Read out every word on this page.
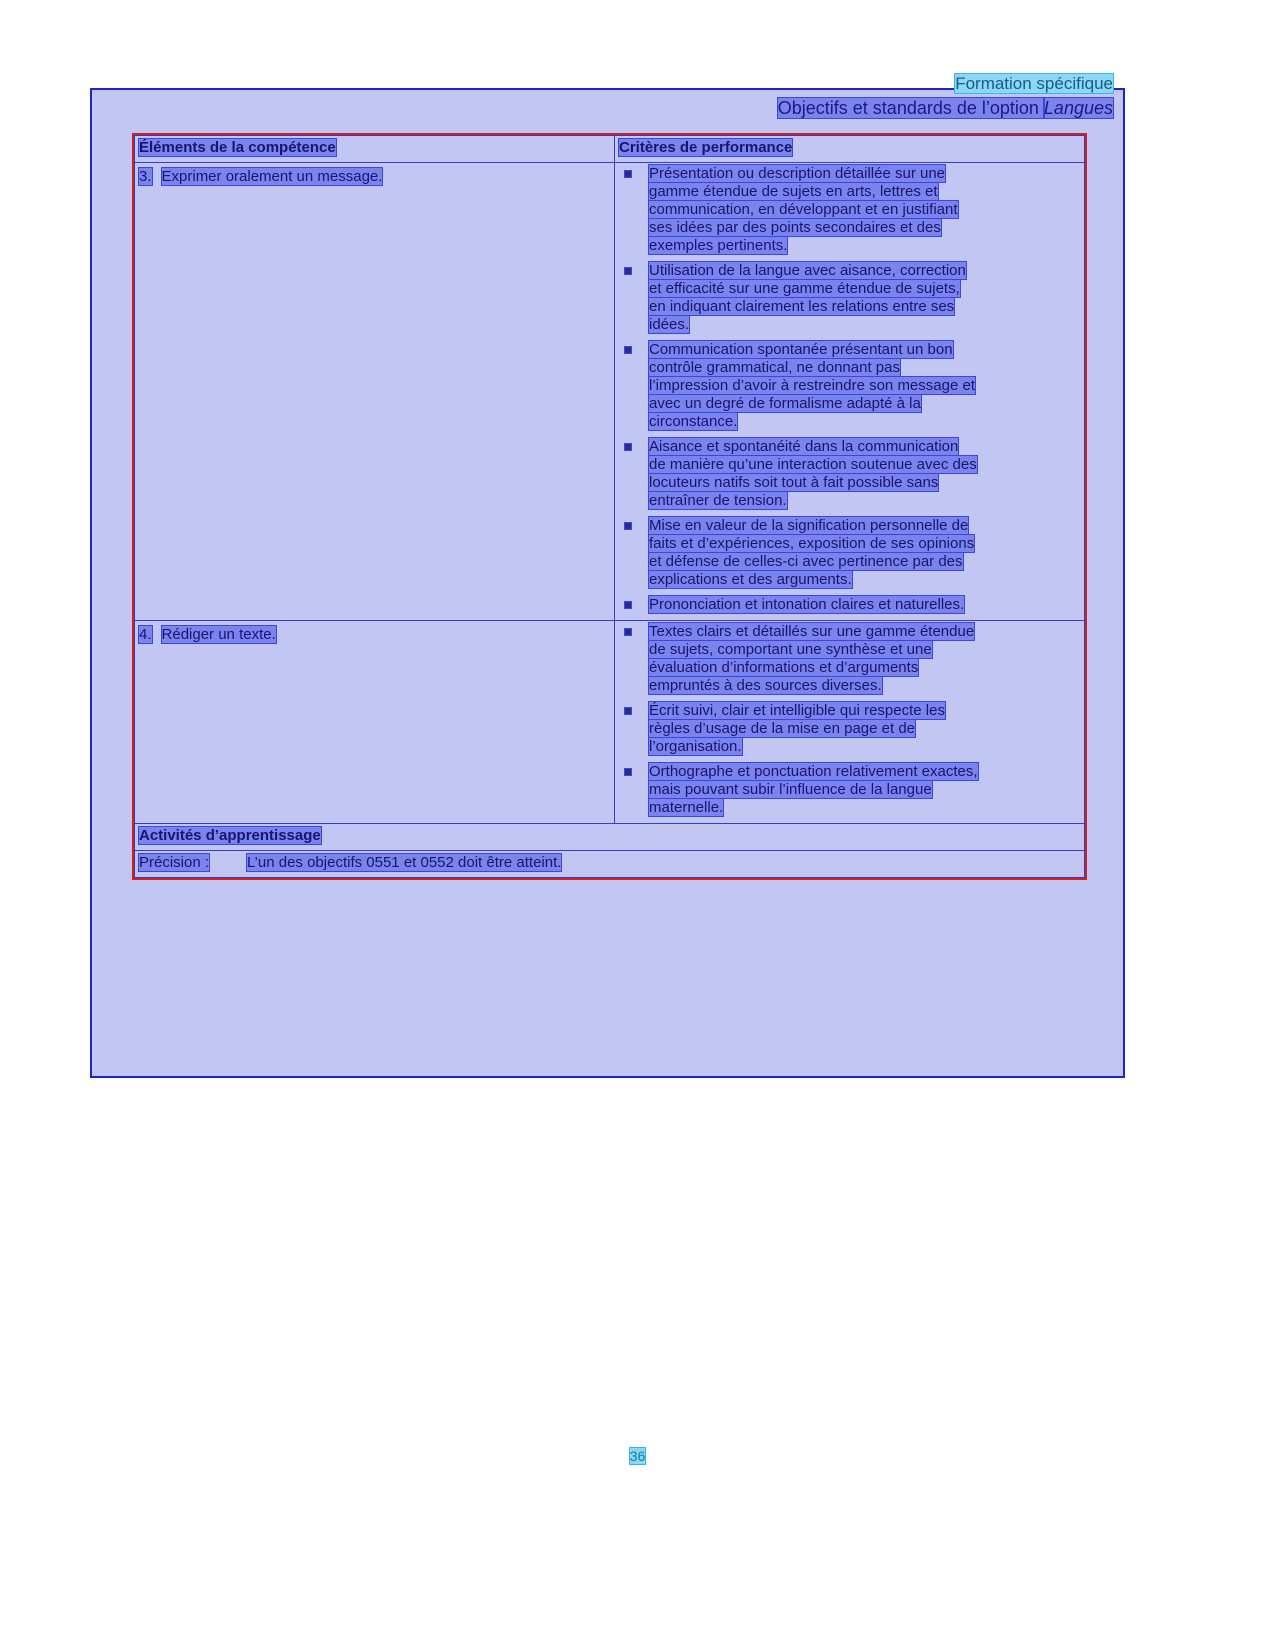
Formation spécifique
Objectifs et standards de l’option Langues
Éléments de la compétence	Critères de performance

3. Exprimer oralement un message.	Présentation ou description détaillée sur une
gamme étendue de sujets en arts, lettres et
communication, en développant et en justifiant
ses idées par des points secondaires et des
exemples pertinents.
Utilisation de la langue avec aisance, correction
et efficacité sur une gamme étendue de sujets,
en indiquant clairement les relations entre ses
idées.
Communication spontanée présentant un bon
contrôle grammatical, ne donnant pas
l’impression d’avoir à restreindre son message et
avec un degré de formalisme adapté à la
circonstance.
Aisance et spontanéité dans la communication
de manière qu’une interaction soutenue avec des
locuteurs natifs soit tout à fait possible sans
entraîner de tension.
Mise en valeur de la signification personnelle de
faits et d’expériences, exposition de ses opinions
et défense de celles-ci avec pertinence par des
explications et des arguments.
Prononciation et intonation claires et naturelles.

4. Rédiger un texte.	Textes clairs et détaillés sur une gamme étendue
de sujets, comportant une synthèse et une
évaluation d’informations et d’arguments
empruntés à des sources diverses.
Écrit suivi, clair et intelligible qui respecte les
règles d’usage de la mise en page et de
l’organisation.
Orthographe et ponctuation relativement exactes,
mais pouvant subir l’influence de la langue
maternelle.

Activités d’apprentissage	
Précision : L’un des objectifs 0551 et 0552 doit être atteint.	
36
